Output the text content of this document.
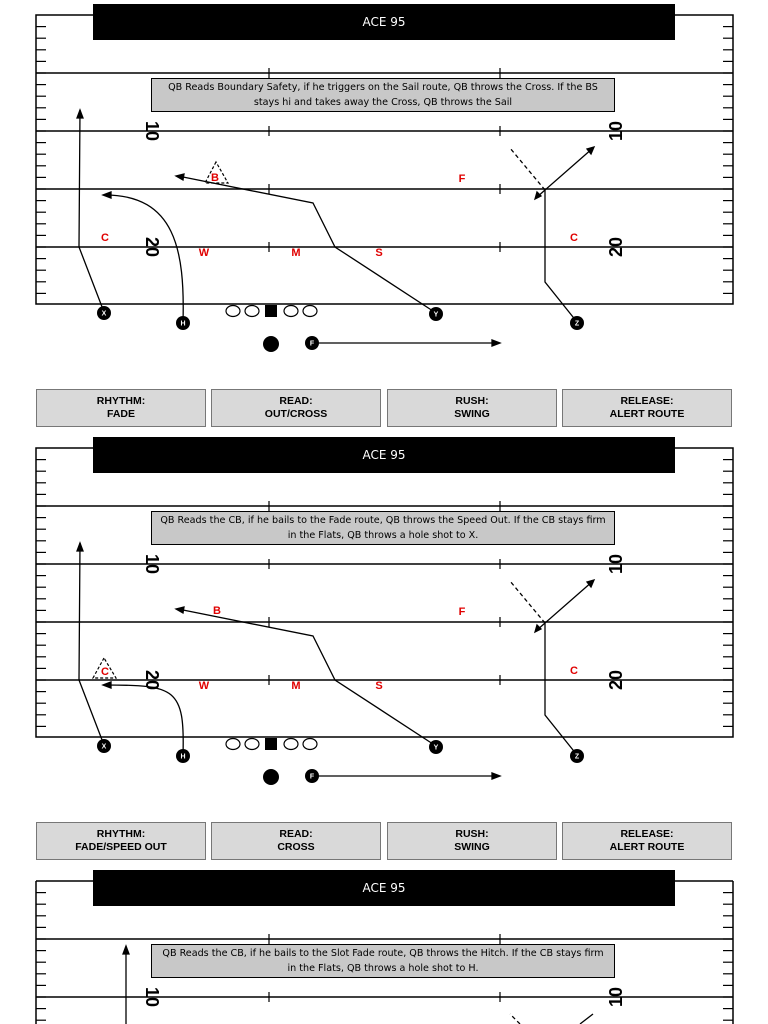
10
20
10
20
B	F
C	C
W	M	S
X
H
Y
Z
F
ACE 95
QB Reads Boundary Safety, if he triggers on the Sail route, QB throws the Cross. If the BS stays hi and takes away the Cross, QB throws the Sail
RHYTHM:
FADE
READ:
OUT/CROSS
RUSH:
SWING
RELEASE:
ALERT ROUTE
10
20
10
20
B	F
C	C
W	M	S
X
H
Y
Z
F
ACE 95
QB Reads the CB, if he bails to the Fade route, QB throws the Speed Out. If the CB stays firm in the Flats, QB throws a hole shot to X.
RHYTHM:
FADE/SPEED OUT
READ:
CROSS
RUSH:
SWING
RELEASE:
ALERT ROUTE
10	10
ACE 95
QB Reads the CB, if he bails to the Slot Fade route, QB throws the Hitch. If the CB stays firm in the Flats, QB throws a hole shot to H.
